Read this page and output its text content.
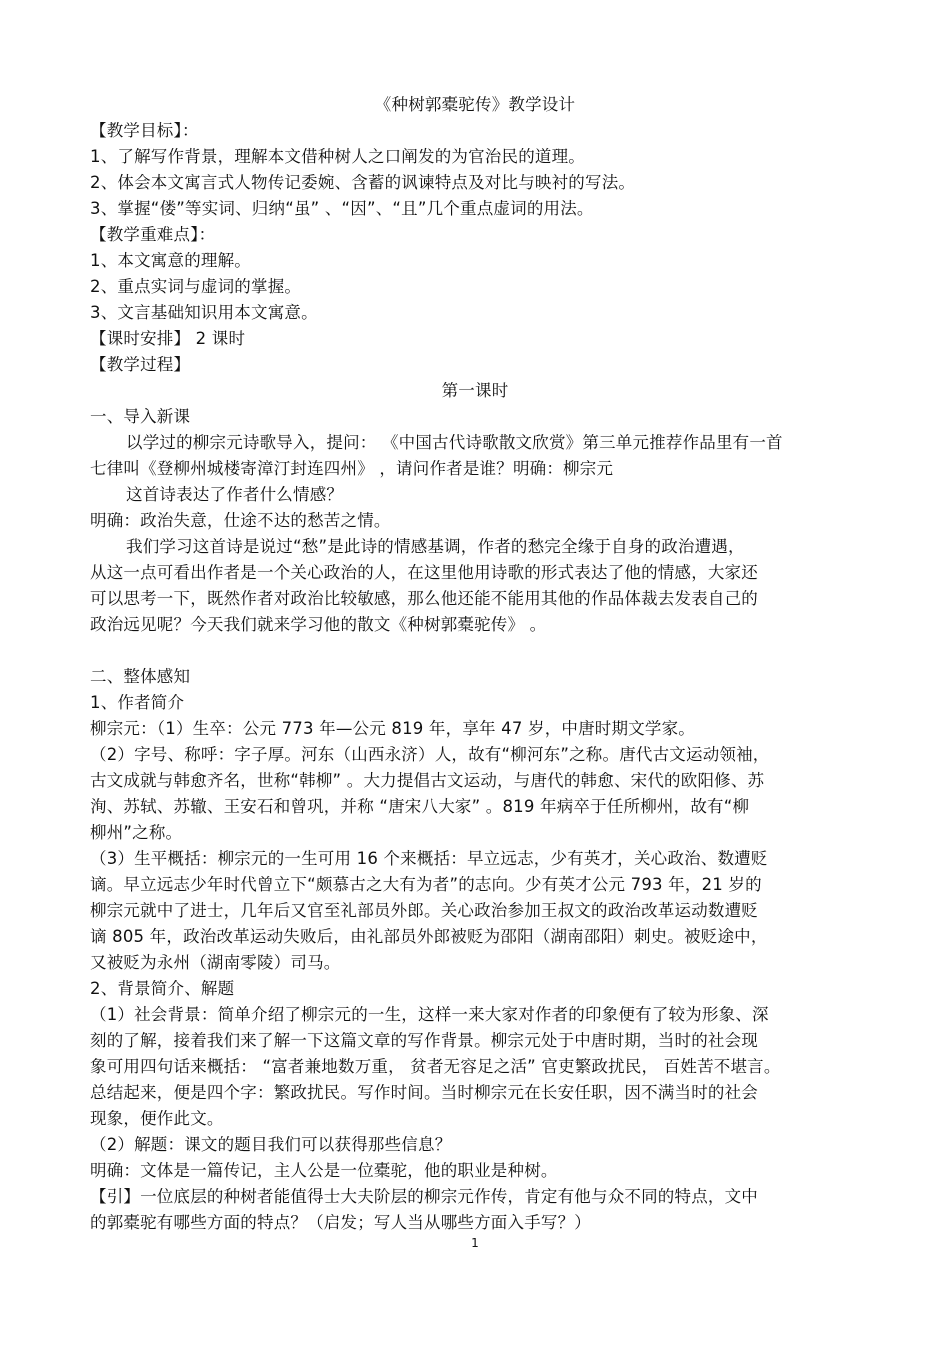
《种树郭橐驼传》教学设计
【教学目标】：
1、了解写作背景，理解本文借种树人之口阐发的为官治民的道理。
2、体会本文寓言式人物传记委婉、含蓄的讽谏特点及对比与映衬的写法。
3、掌握“偻”等实词、归纳“虽” 、“因”、“且”几个重点虚词的用法。
【教学重难点】：
1、本文寓意的理解。
2、重点实词与虚词的掌握。
3、文言基础知识用本文寓意。
【课时安排】 2 课时
【教学过程】
第一课时
一、导入新课
以学过的柳宗元诗歌导入，提问： 《中国古代诗歌散文欣赏》第三单元推荐作品里有一首
七律叫《登柳州城楼寄漳汀封连四州》 ，请问作者是谁？明确：柳宗元
这首诗表达了作者什么情感？
明确：政治失意，仕途不达的愁苦之情。
我们学习这首诗是说过“愁”是此诗的情感基调，作者的愁完全缘于自身的政治遭遇，
从这一点可看出作者是一个关心政治的人，在这里他用诗歌的形式表达了他的情感，大家还
可以思考一下，既然作者对政治比较敏感，那么他还能不能用其他的作品体裁去发表自己的
政治远见呢？今天我们就来学习他的散文《种树郭橐驼传》 。
二、整体感知
1、作者简介
柳宗元：（1）生卒：公元 773 年—公元 819 年，享年 47 岁，中唐时期文学家。
（2）字号、称呼：字子厚。河东（山西永济）人，故有“柳河东”之称。唐代古文运动领袖，
古文成就与韩愈齐名，世称“韩柳” 。大力提倡古文运动，与唐代的韩愈、宋代的欧阳修、苏
洵、苏轼、苏辙、王安石和曾巩，并称 “唐宋八大家” 。819 年病卒于任所柳州，故有“柳
柳州”之称。
（3）生平概括：柳宗元的一生可用 16 个来概括：早立远志，少有英才，关心政治、数遭贬
谪。早立远志少年时代曾立下“颇慕古之大有为者”的志向。少有英才公元 793 年，21 岁的
柳宗元就中了进士，几年后又官至礼部员外郎。关心政治参加王叔文的政治改革运动数遭贬
谪 805 年，政治改革运动失败后，由礼部员外郎被贬为邵阳（湖南邵阳）刺史。被贬途中，
又被贬为永州（湖南零陵）司马。
2、背景简介、解题
（1）社会背景：简单介绍了柳宗元的一生，这样一来大家对作者的印象便有了较为形象、深
刻的了解，接着我们来了解一下这篇文章的写作背景。柳宗元处于中唐时期，当时的社会现
象可用四句话来概括： “富者兼地数万重， 贫者无容足之活” 官吏繁政扰民， 百姓苦不堪言。
总结起来，便是四个字：繁政扰民。写作时间。当时柳宗元在长安任职，因不满当时的社会
现象，便作此文。
（2）解题：课文的题目我们可以获得那些信息？
明确：文体是一篇传记，主人公是一位橐驼，他的职业是种树。
【引】一位底层的种树者能值得士大夫阶层的柳宗元作传，肯定有他与众不同的特点，文中
的郭橐驼有哪些方面的特点？（启发；写人当从哪些方面入手写？）
1
